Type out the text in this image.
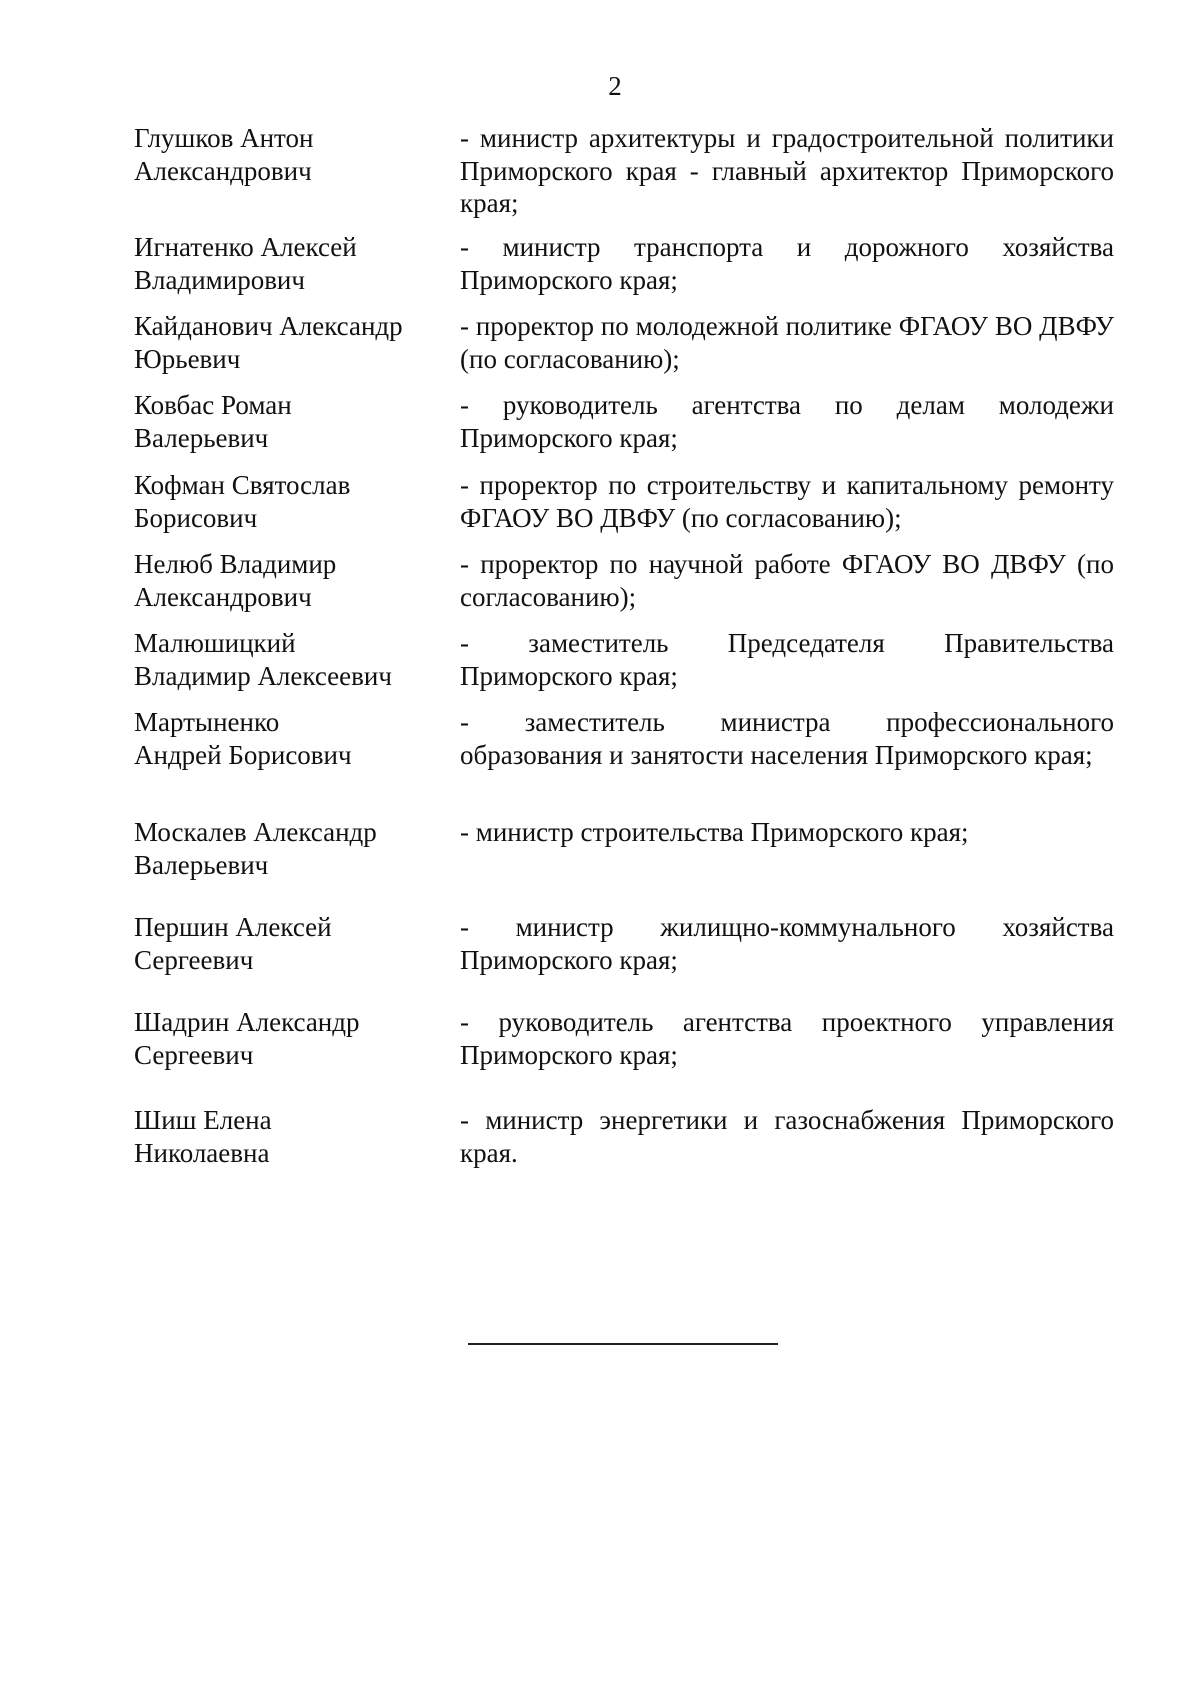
2
Глушков Антон
Александрович
- министр архитектуры и градостроительной политики Приморского края - главный архитектор Приморского края;
Игнатенко Алексей
Владимирович
- министр транспорта и дорожного хозяйства Приморского края;
Кайданович Александр
Юрьевич
- проректор по молодежной политике ФГАОУ ВО ДВФУ (по согласованию);
Ковбас Роман
Валерьевич
- руководитель агентства по делам молодежи Приморского края;
Кофман Святослав
Борисович
- проректор по строительству и капитальному ремонту ФГАОУ ВО ДВФУ (по согласованию);
Нелюб Владимир
Александрович
- проректор по научной работе ФГАОУ ВО ДВФУ (по согласованию);
Малюшицкий
Владимир Алексеевич
- заместитель Председателя Правительства Приморского края;
Мартыненко
Андрей Борисович
- заместитель министра профессионального образования и занятости населения Приморского края;
Москалев Александр
Валерьевич
- министр строительства Приморского края;
Першин Алексей
Сергеевич
- министр жилищно-коммунального хозяйства Приморского края;
Шадрин Александр
Сергеевич
- руководитель агентства проектного управления Приморского края;
Шиш Елена
Николаевна
- министр энергетики и газоснабжения Приморского края.
